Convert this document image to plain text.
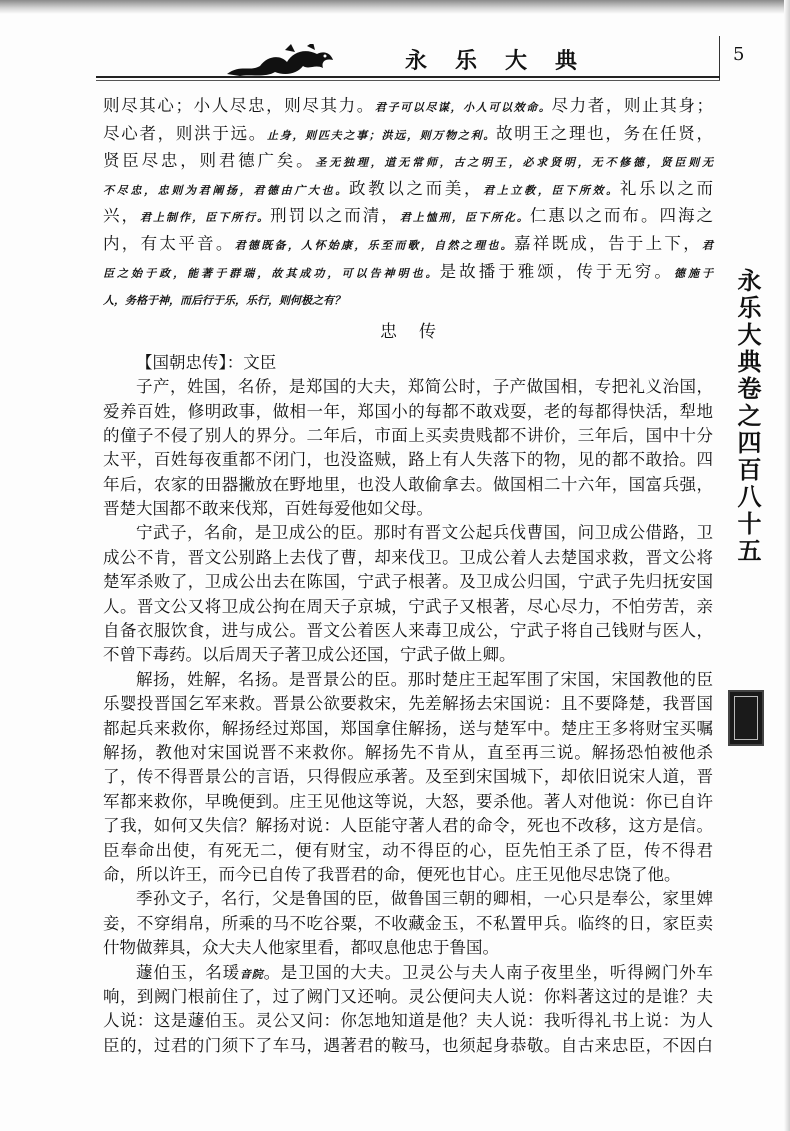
永乐大典	5
永乐大典卷之四百八十五
则尽其心；小人尽忠，则尽其力。君子可以尽谋，小人可以效命。尽力者，则止其身；
尽心者，则洪于远。止身，则匹夫之事；洪远，则万物之利。故明王之理也，务在任贤，
贤臣尽忠，则君德广矣。圣无独理，道无常师，古之明王，必求贤明，无不修德，贤臣则无
不尽忠，忠则为君阐扬，君德由广大也。政教以之而美，君上立教，臣下所效。礼乐以之而
兴，君上制作，臣下所行。刑罚以之而清，君上恤刑，臣下所化。仁惠以之而布。四海之
内，有太平音。君德既备，人怀始康，乐至而歌，自然之理也。嘉祥既成，告于上下，君
臣之始于政，能著于群瑞，故其成功，可以告神明也。是故播于雅颂，传于无穷。德施于
人，务格于神，而后行于乐，乐行，则何极之有？
忠传
【国朝忠传】：文臣
子产，姓国，名侨，是郑国的大夫，郑简公时，子产做国相，专把礼义治国，
爱养百姓，修明政事，做相一年，郑国小的每都不敢戏耍，老的每都得快活，犁地
的僮子不侵了别人的界分。二年后，市面上买卖贵贱都不讲价，三年后，国中十分
太平，百姓每夜重都不闭门，也没盗贼，路上有人失落下的物，见的都不敢拾。四
年后，农家的田器撇放在野地里，也没人敢偷拿去。做国相二十六年，国富兵强，
晋楚大国都不敢来伐郑，百姓每爱他如父母。
宁武子，名俞，是卫成公的臣。那时有晋文公起兵伐曹国，问卫成公借路，卫
成公不肯，晋文公别路上去伐了曹，却来伐卫。卫成公着人去楚国求救，晋文公将
楚军杀败了，卫成公出去在陈国，宁武子根著。及卫成公归国，宁武子先归抚安国
人。晋文公又将卫成公拘在周天子京城，宁武子又根著，尽心尽力，不怕劳苦，亲
自备衣服饮食，进与成公。晋文公着医人来毒卫成公，宁武子将自己钱财与医人，
不曾下毒药。以后周天子著卫成公还国，宁武子做上卿。
解扬，姓解，名扬。是晋景公的臣。那时楚庄王起军围了宋国，宋国教他的臣
乐婴投晋国乞军来救。晋景公欲要救宋，先差解扬去宋国说：且不要降楚，我晋国
都起兵来救你，解扬经过郑国，郑国拿住解扬，送与楚军中。楚庄王多将财宝买嘱
解扬，教他对宋国说晋不来救你。解扬先不肯从，直至再三说。解扬恐怕被他杀
了，传不得晋景公的言语，只得假应承著。及至到宋国城下，却依旧说宋人道，晋
军都来救你，早晚便到。庄王见他这等说，大怒，要杀他。著人对他说：你已自许
了我，如何又失信？解扬对说：人臣能守著人君的命令，死也不改移，这方是信。
臣奉命出使，有死无二，便有财宝，动不得臣的心，臣先怕王杀了臣，传不得君
命，所以许王，而今已自传了我晋君的命，便死也甘心。庄王见他尽忠饶了他。
季孙文子，名行，父是鲁国的臣，做鲁国三朝的卿相，一心只是奉公，家里婢
妾，不穿绢帛，所乘的马不吃谷粟，不收藏金玉，不私置甲兵。临终的日，家臣卖
什物做葬具，众大夫人他家里看，都叹息他忠于鲁国。
蘧伯玉，名瑗音院。是卫国的大夫。卫灵公与夫人南子夜里坐，听得阙门外车
响，到阙门根前住了，过了阙门又还响。灵公便问夫人说：你料著这过的是谁？夫
人说：这是蘧伯玉。灵公又问：你怎地知道是他？夫人说：我听得礼书上说：为人
臣的，过君的门须下了车马，遇著君的鞍马，也须起身恭敬。自古来忠臣，不因白
